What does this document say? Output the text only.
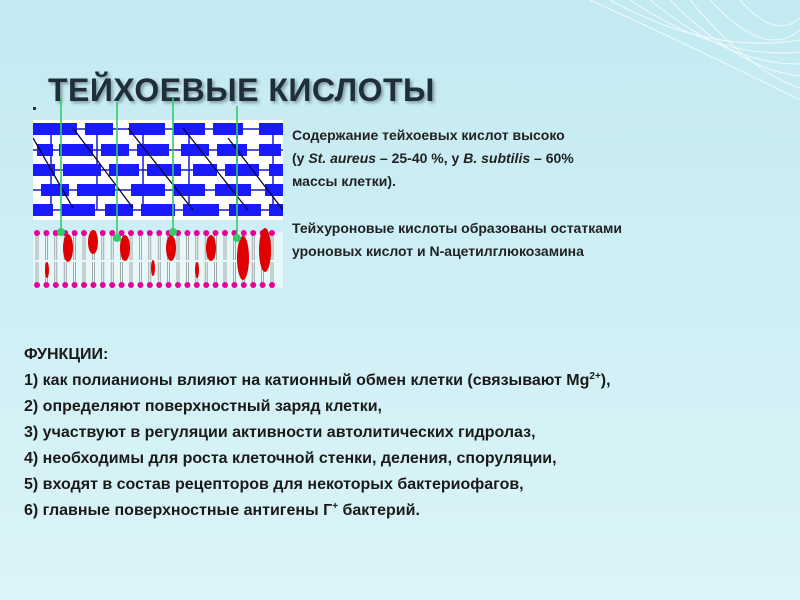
ТЕЙХОЕВЫЕ КИСЛОТЫ

Содержание тейхоевых кислот высоко

(у St. aureus – 25-40 %, у B. subtilis – 60%

массы клетки).

Тейхуроновые кислоты образованы остатками

уроновых кислот и N-ацетилглюкозамина

ФУНКЦИИ:

1) как полианионы влияют на катионный обмен клетки (связывают $Mg^{2+}$),
2) определяют поверхностный заряд клетки,
3) участвуют в регуляции активности автолитических гидролаз,
4) необходимы для роста клеточной стенки, деления, споруляции,
5) входят в состав рецепторов для некоторых бактериофагов,
6) главные поверхностные антигены Г+ бактерий.
